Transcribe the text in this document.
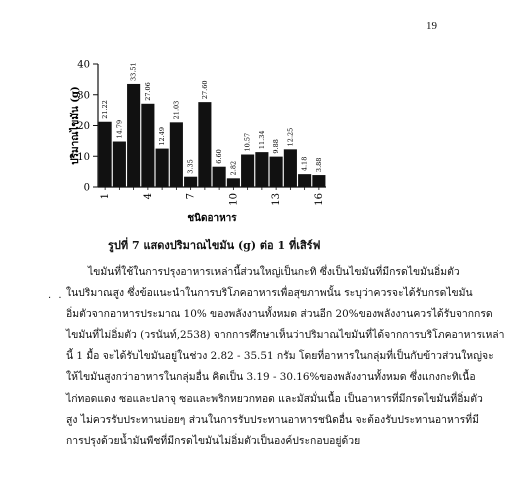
19
0
10
20
30
40
21.22
14.79
33.51
27.06
12.49
21.03
3.35
27.60
6.60
2.82
10.57 11.34 9.88
12.25
4.18 3.88
1	4	7	10	13	16
ปริมาณไขมัน (g)
ชนิดอาหาร
รูปที่ 7 แสดงปริมาณไขมัน (g) ต่อ 1 ที่เสิร์ฟ
· ·
ไขมันที่ใช้ในการปรุงอาหารเหล่านี้ส่วนใหญ่เป็นกะทิ ซึ่งเป็นไขมันที่มีกรดไขมันอิ่มตัว
ในปริมาณสูง ซึ่งข้อแนะนำในการบริโภคอาหารเพื่อสุขภาพนั้น ระบุว่าควรจะได้รับกรดไขมัน
อิ่มตัวจากอาหารประมาณ 10% ของพลังงานทั้งหมด ส่วนอีก 20%ของพลังงานควรได้รับจากกรด
ไขมันที่ไม่อิ่มตัว (วรนันท์,2538) จากการศึกษาเห็นว่าปริมาณไขมันที่ได้จากการบริโภคอาหารเหล่า
นี้ 1 มื้อ จะได้รับไขมันอยู่ในช่วง 2.82 - 35.51 กรัม โดยที่อาหารในกลุ่มที่เป็นกับข้าวส่วนใหญ่จะ
ให้ไขมันสูงกว่าอาหารในกลุ่มอื่น คิดเป็น 3.19 - 30.16%ของพลังงานทั้งหมด ซึ่งแกงกะทิเนื้อ
ไก่ทอดแดง ซอและปลาจุ ซอและพริกหยวกทอด และมัสมั่นเนื้อ เป็นอาหารที่มีกรดไขมันที่อิ่มตัว
สูง ไม่ควรรับประทานบ่อยๆ ส่วนในการรับประทานอาหารชนิดอื่น จะต้องรับประทานอาหารที่มี
การปรุงด้วยน้ำมันพืชที่มีกรดไขมันไม่อิ่มตัวเป็นองค์ประกอบอยู่ด้วย
